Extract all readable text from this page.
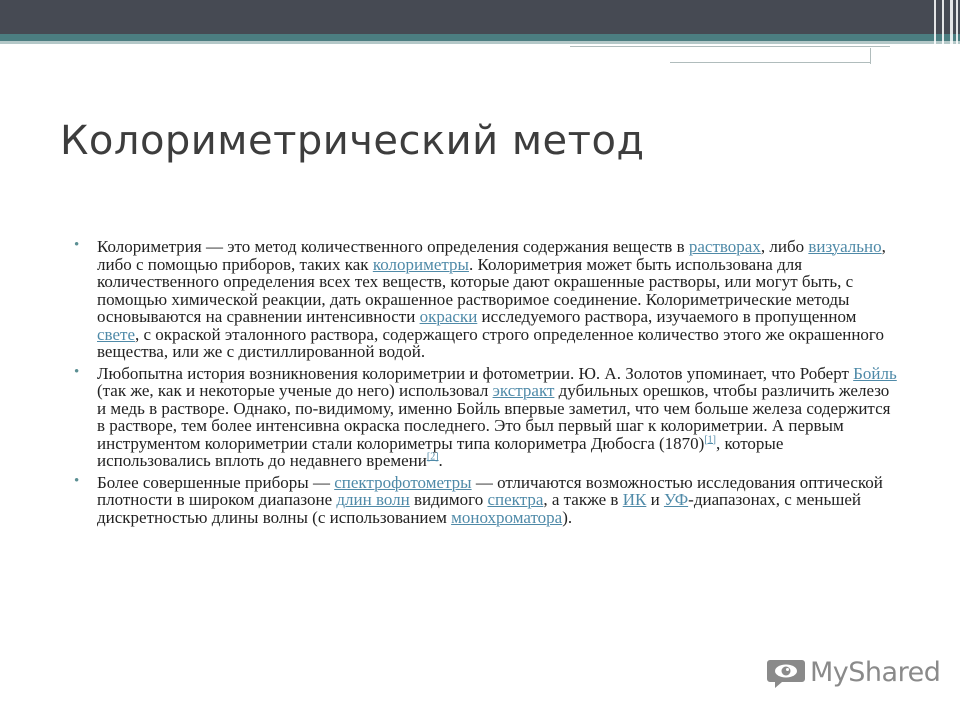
Колориметрический метод
• Колориметрия — это метод количественного определения содержания веществ в растворах, либо визуально, либо с помощью приборов, таких как колориметры. Колориметрия может быть использована для количественного определения всех тех веществ, которые дают окрашенные растворы, или могут быть, с помощью химической реакции, дать окрашенное растворимое соединение. Колориметрические методы основываются на сравнении интенсивности окраски исследуемого раствора, изучаемого в пропущенном свете, с окраской эталонного раствора, содержащего строго определенное количество этого же окрашенного вещества, или же с дистиллированной водой.
• Любопытна история возникновения колориметрии и фотометрии. Ю. А. Золотов упоминает, что Роберт Бойль (так же, как и некоторые ученые до него) использовал экстракт дубильных орешков, чтобы различить железо и медь в растворе. Однако, по-видимому, именно Бойль впервые заметил, что чем больше железа содержится в растворе, тем более интенсивна окраска последнего. Это был первый шаг к колориметрии. А первым инструментом колориметрии стали колориметры типа колориметра Дюбосга (1870)[1], которые использовались вплоть до недавнего времени[2].
• Более совершенные приборы — спектрофотометры — отличаются возможностью исследования оптической плотности в широком диапазоне длин волн видимого спектра, а также в ИК и УФ-диапазонах, с меньшей дискретностью длины волны (с использованием монохроматора).
MyShared
